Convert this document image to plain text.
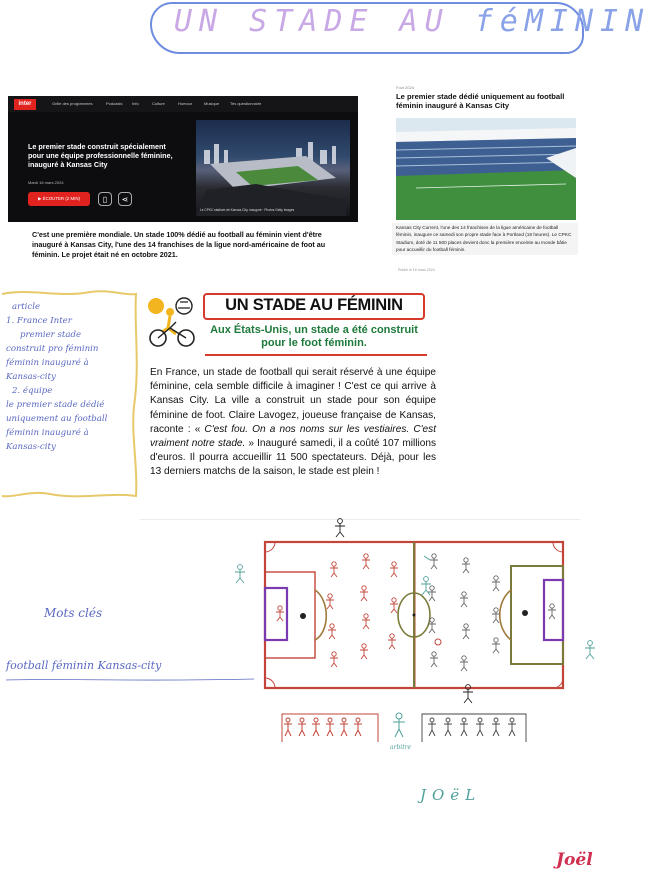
UN STADE AU féMININ
inter	Grille des programmes	Podcasts Info	Culture	Humour	Musique	Tes questionnaire
Le premier stade construit spécialement pour une équipe professionnelle féminine, inauguré à Kansas City
Mardi 16 mars 2024
▶ ÉCOUTER (2 MIN)	▯	⋖
Le CPKC stadium de Kansas City, inauguré · Photos Getty Images
C'est une première mondiale. Un stade 100% dédié au football au féminin vient d'être inauguré à Kansas City, l'une des 14 franchises de la ligue nord-américaine de foot au féminin. Le projet était né en octobre 2021.
Foot 2024
Le premier stade dédié uniquement au football féminin inauguré à Kansas City
Kansas City Current, l'une des 14 franchises de la ligue américaine de football féminin, inaugure ce samedi son propre stade face à Portland (18 heures). Le CPKC Stadium, doté de 11 500 places devient donc la première enceinte au monde bâtie pour accueillir du football féminin.
Publié le 16 mars 2024
article
1. France Inter
premier stade
construit pro féminin
féminin inauguré à
Kansas-city
2. équipe
le premier stade dédié
uniquement au football
féminin inauguré à
Kansas-city
UN STADE AU FÉMININ
Aux États-Unis, un stade a été construit pour le foot féminin.
En France, un stade de football qui serait réservé à une équipe féminine, cela semble difficile à imaginer ! C'est ce qui arrive à Kansas City. La ville a construit un stade pour son équipe féminine de foot. Claire Lavogez, joueuse française de Kansas, raconte : « C'est fou. On a nos noms sur les vestiaires. C'est vraiment notre stade. » Inauguré samedi, il a coûté 107 millions d'euros. Il pourra accueillir 11 500 spectateurs. Déjà, pour les 13 derniers matchs de la saison, le stade est plein !
Mots clés
football féminin Kansas-city
arbitre
JOëL
Joël
